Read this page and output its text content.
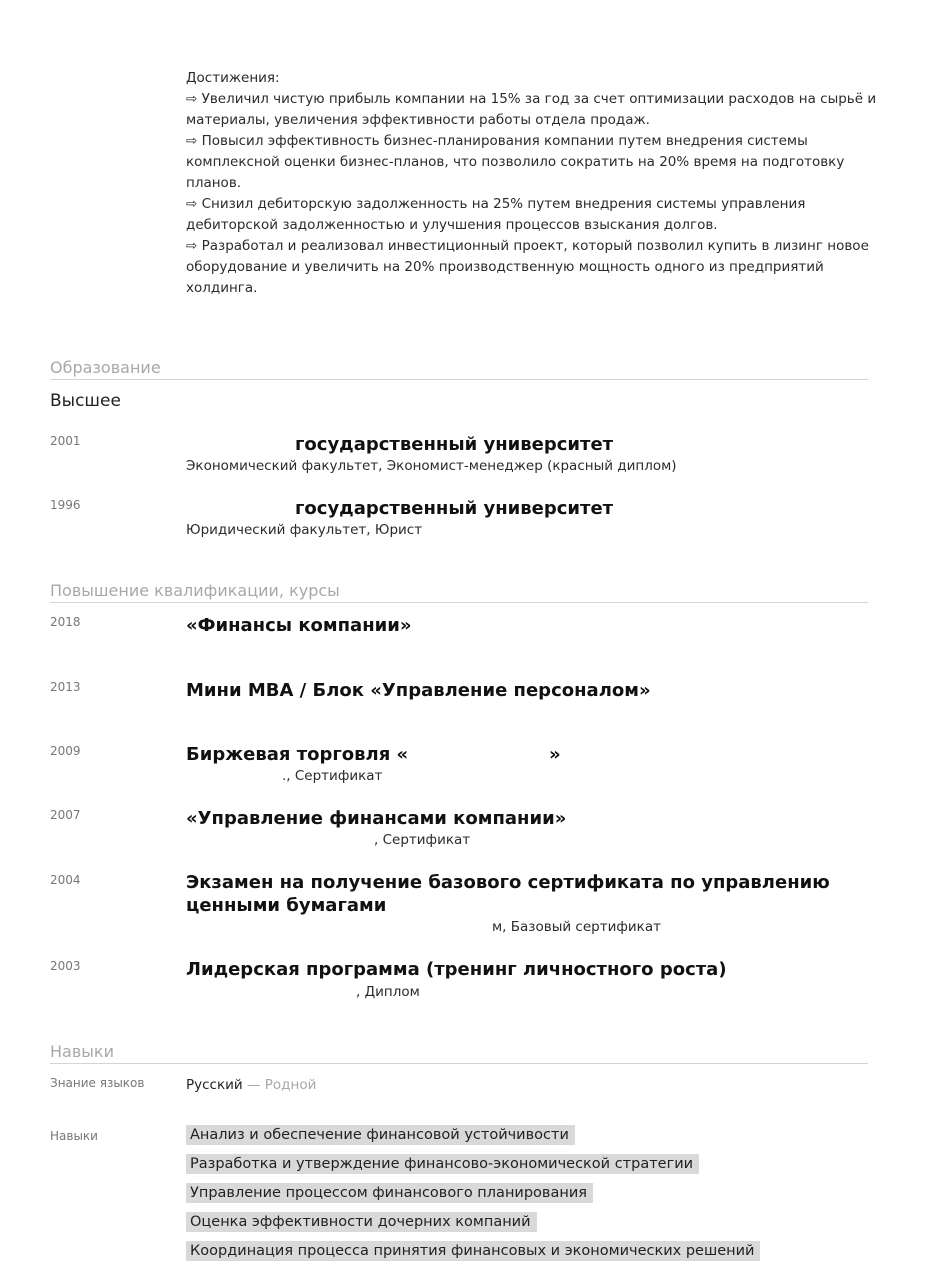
Достижения:
⇨ Увеличил чистую прибыль компании на 15% за год за счет оптимизации расходов на сырьё и
материалы, увеличения эффективности работы отдела продаж.
⇨ Повысил эффективность бизнес-планирования компании путем внедрения системы
комплексной оценки бизнес-планов, что позволило сократить на 20% время на подготовку
планов.
⇨ Снизил дебиторскую задолженность на 25% путем внедрения системы управления
дебиторской задолженностью и улучшения процессов взыскания долгов.
⇨ Разработал и реализовал инвестиционный проект, который позволил купить в лизинг новое
оборудование и увеличить на 20% производственную мощность одного из предприятий
холдинга.
Образование
Высшее
2001	государственный университет
Экономический факультет, Экономист-менеджер (красный диплом)
1996	государственный университет
Юридический факультет, Юрист
Повышение квалификации, курсы
2018	«Финансы компании»
2013	Мини MBA / Блок «Управление персоналом»
2009	Биржевая торговля «	»
., Сертификат
2007	«Управление финансами компании»
, Сертификат
2004	Экзамен на получение базового сертификата по управлению ценными бумагами
м, Базовый сертификат
2003	Лидерская программа (тренинг личностного роста)
, Диплом
Навыки
Знание языков	Русский — Родной
Навыки	Анализ и обеспечение финансовой устойчивости
Разработка и утверждение финансово-экономической стратегии
Управление процессом финансового планирования
Оценка эффективности дочерних компаний
Координация процесса принятия финансовых и экономических решений
